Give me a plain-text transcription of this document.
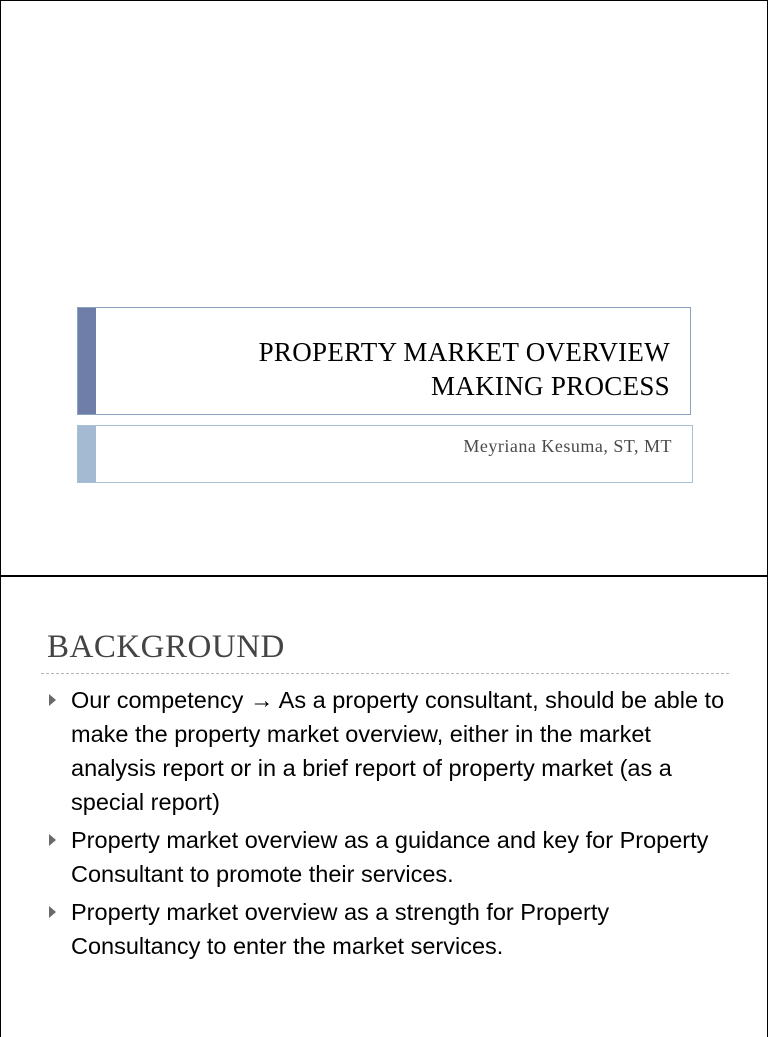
PROPERTY MARKET OVERVIEW
MAKING PROCESS
Meyriana Kesuma, ST, MT
BACKGROUND
Our competency → As a property consultant, should be able to make the property market overview, either in the market analysis report or in a brief report of property market (as a special report)
Property market overview as a guidance and key for Property Consultant to promote their services.
Property market overview as a strength for Property Consultancy to enter the market services.
